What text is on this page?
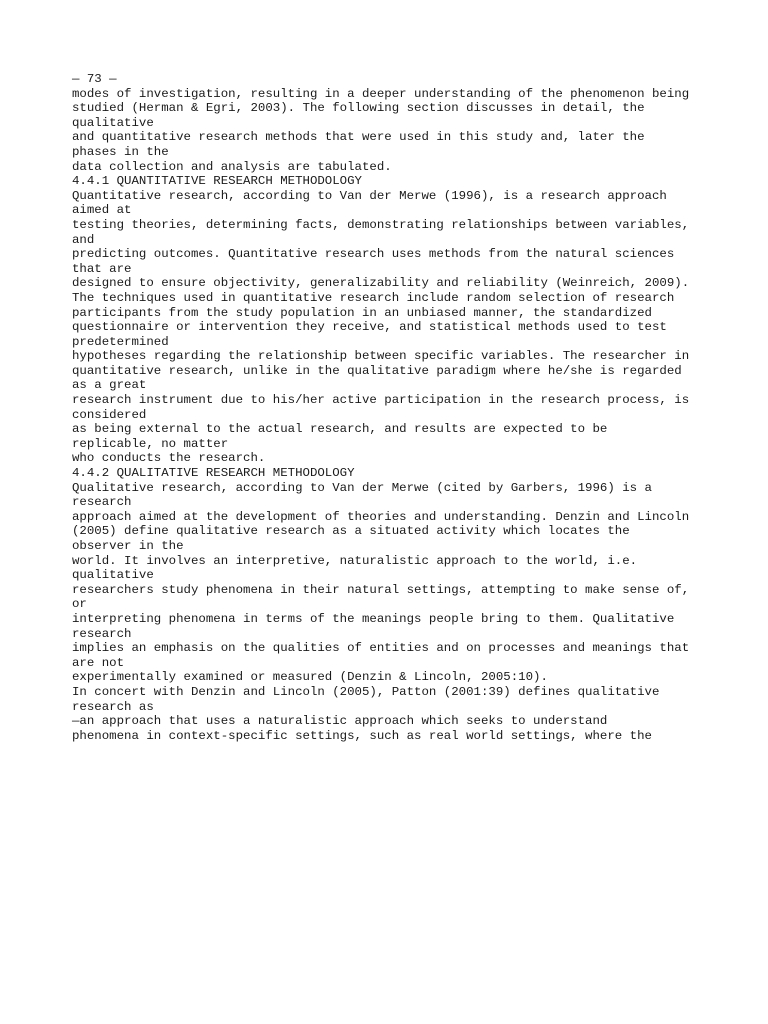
— 73 —
modes of investigation, resulting in a deeper understanding of the phenomenon being
studied (Herman & Egri, 2003). The following section discusses in detail, the
qualitative
and quantitative research methods that were used in this study and, later the
phases in the
data collection and analysis are tabulated.
4.4.1 QUANTITATIVE RESEARCH METHODOLOGY
Quantitative research, according to Van der Merwe (1996), is a research approach
aimed at
testing theories, determining facts, demonstrating relationships between variables,
and
predicting outcomes. Quantitative research uses methods from the natural sciences
that are
designed to ensure objectivity, generalizability and reliability (Weinreich, 2009).
The techniques used in quantitative research include random selection of research
participants from the study population in an unbiased manner, the standardized
questionnaire or intervention they receive, and statistical methods used to test
predetermined
hypotheses regarding the relationship between specific variables. The researcher in
quantitative research, unlike in the qualitative paradigm where he/she is regarded
as a great
research instrument due to his/her active participation in the research process, is
considered
as being external to the actual research, and results are expected to be
replicable, no matter
who conducts the research.
4.4.2 QUALITATIVE RESEARCH METHODOLOGY
Qualitative research, according to Van der Merwe (cited by Garbers, 1996) is a
research
approach aimed at the development of theories and understanding. Denzin and Lincoln
(2005) define qualitative research as a situated activity which locates the
observer in the
world. It involves an interpretive, naturalistic approach to the world, i.e.
qualitative
researchers study phenomena in their natural settings, attempting to make sense of,
or
interpreting phenomena in terms of the meanings people bring to them. Qualitative
research
implies an emphasis on the qualities of entities and on processes and meanings that
are not
experimentally examined or measured (Denzin & Lincoln, 2005:10).
In concert with Denzin and Lincoln (2005), Patton (2001:39) defines qualitative
research as
—an approach that uses a naturalistic approach which seeks to understand
phenomena in context-specific settings, such as real world settings, where the
